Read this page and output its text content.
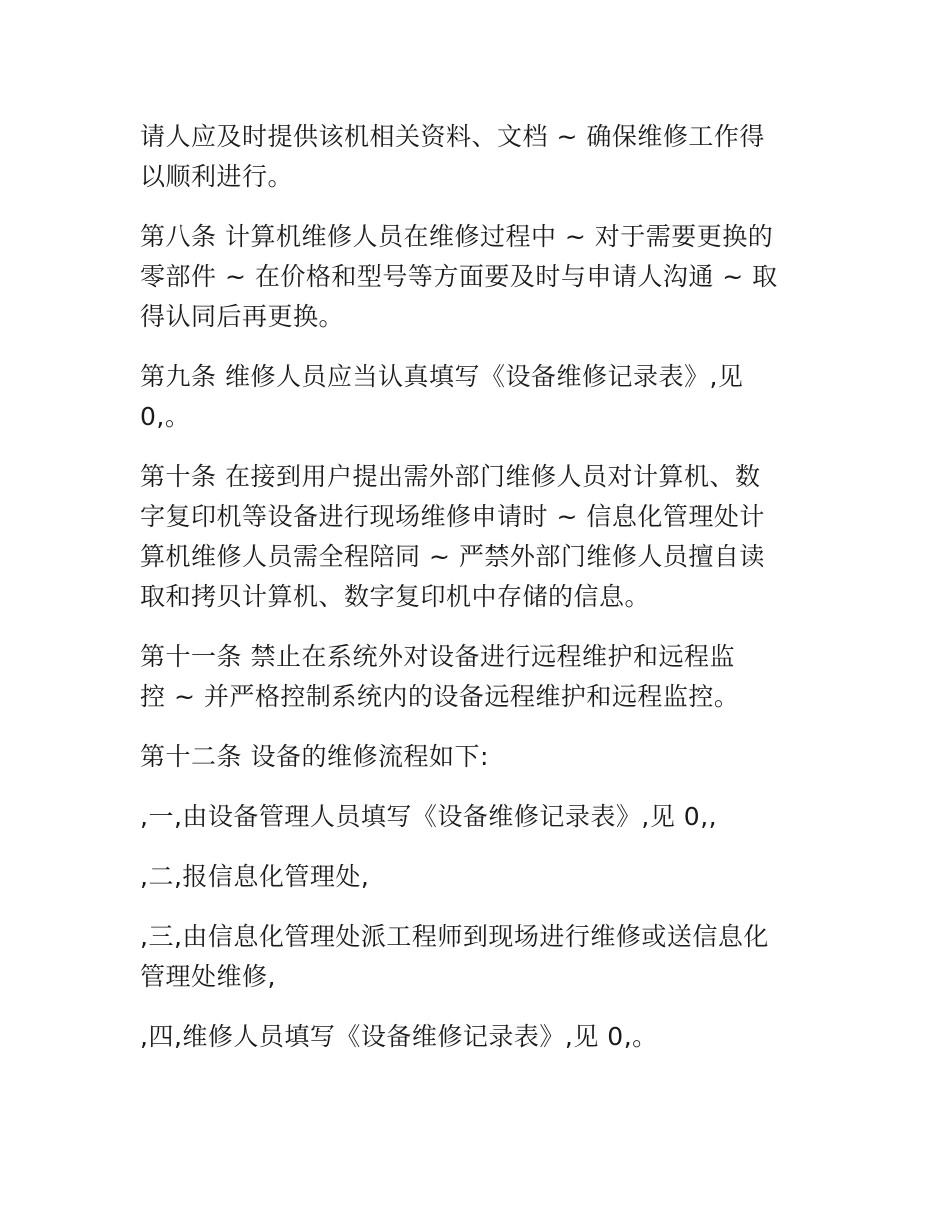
请人应及时提供该机相关资料、文档 ~ 确保维修工作得
以顺利进行。

第八条 计算机维修人员在维修过程中 ~ 对于需要更换的
零部件 ~ 在价格和型号等方面要及时与申请人沟通 ~ 取
得认同后再更换。

第九条 维修人员应当认真填写《设备维修记录表》,见
0,。

第十条 在接到用户提出需外部门维修人员对计算机、数
字复印机等设备进行现场维修申请时 ~ 信息化管理处计
算机维修人员需全程陪同 ~ 严禁外部门维修人员擅自读
取和拷贝计算机、数字复印机中存储的信息。

第十一条 禁止在系统外对设备进行远程维护和远程监
控 ~ 并严格控制系统内的设备远程维护和远程监控。

第十二条 设备的维修流程如下:

,一,由设备管理人员填写《设备维修记录表》,见 0,,

,二,报信息化管理处,

,三,由信息化管理处派工程师到现场进行维修或送信息化
管理处维修,

,四,维修人员填写《设备维修记录表》,见 0,。
